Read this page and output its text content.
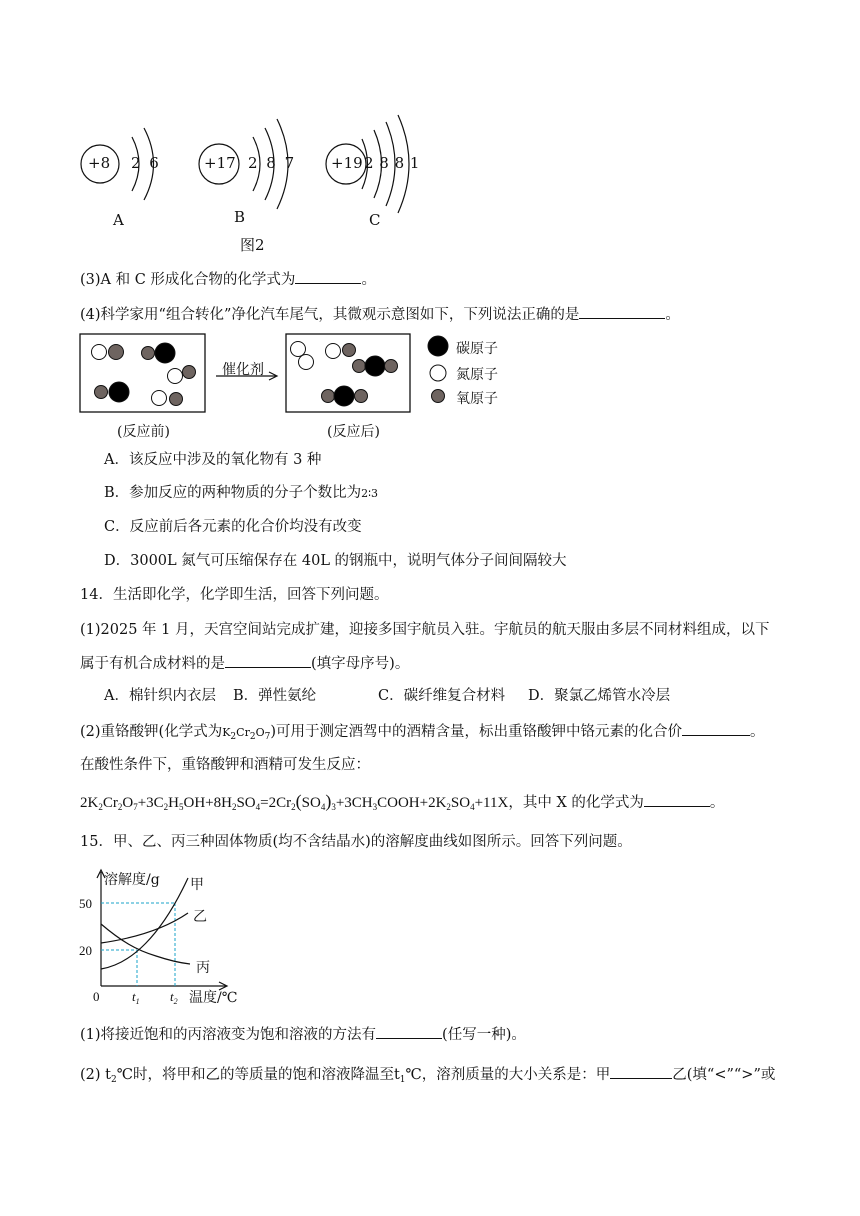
+8 2 6
A
+17 2 8 7
B
+19 2 8 8 1
C
图2
(3)A 和 C 形成化合物的化学式为	。
(4)科学家用“组合转化”净化汽车尾气，其微观示意图如下，下列说法正确的是	。
催化剂
(反应前)	(反应后)
碳原子
氮原子
氧原子
A．该反应中涉及的氧化物有 3 种
B．参加反应的两种物质的分子个数比为2∶3
C．反应前后各元素的化合价均没有改变
D．3000L 氮气可压缩保存在 40L 的钢瓶中，说明气体分子间间隔较大
14．生活即化学，化学即生活，回答下列问题。
(1)2025 年 1 月，天宫空间站完成扩建，迎接多国宇航员入驻。宇航员的航天服由多层不同材料组成，以下
属于有机合成材料的是	(填字母序号)。
A．棉针织内衣层 B．弹性氨纶	C．碳纤维复合材料 D．聚氯乙烯管水冷层
(2)重铬酸钾(化学式为$K_2Cr_2O_7$)可用于测定酒驾中的酒精含量，标出重铬酸钾中铬元素的化合价	。
在酸性条件下，重铬酸钾和酒精可发生反应：
$2K_2Cr_2O_7+3C_2H_5OH+8H_2SO_4=2Cr_2(SO_4)_3+3CH_3COOH+2K_2SO_4+11X$，其中 X 的化学式为	。
15．甲、乙、丙三种固体物质(均不含结晶水)的溶解度曲线如图所示。回答下列问题。
50
20
0	$t_1$ $t_2$
溶解度/g
温度/℃
甲
乙
丙
(1)将接近饱和的丙溶液变为饱和溶液的方法有	(任写一种)。
(2) $t_2℃$时，将甲和乙的等质量的饱和溶液降温至$t_1℃$，溶剂质量的大小关系是：甲	乙(填“<”“>”或
